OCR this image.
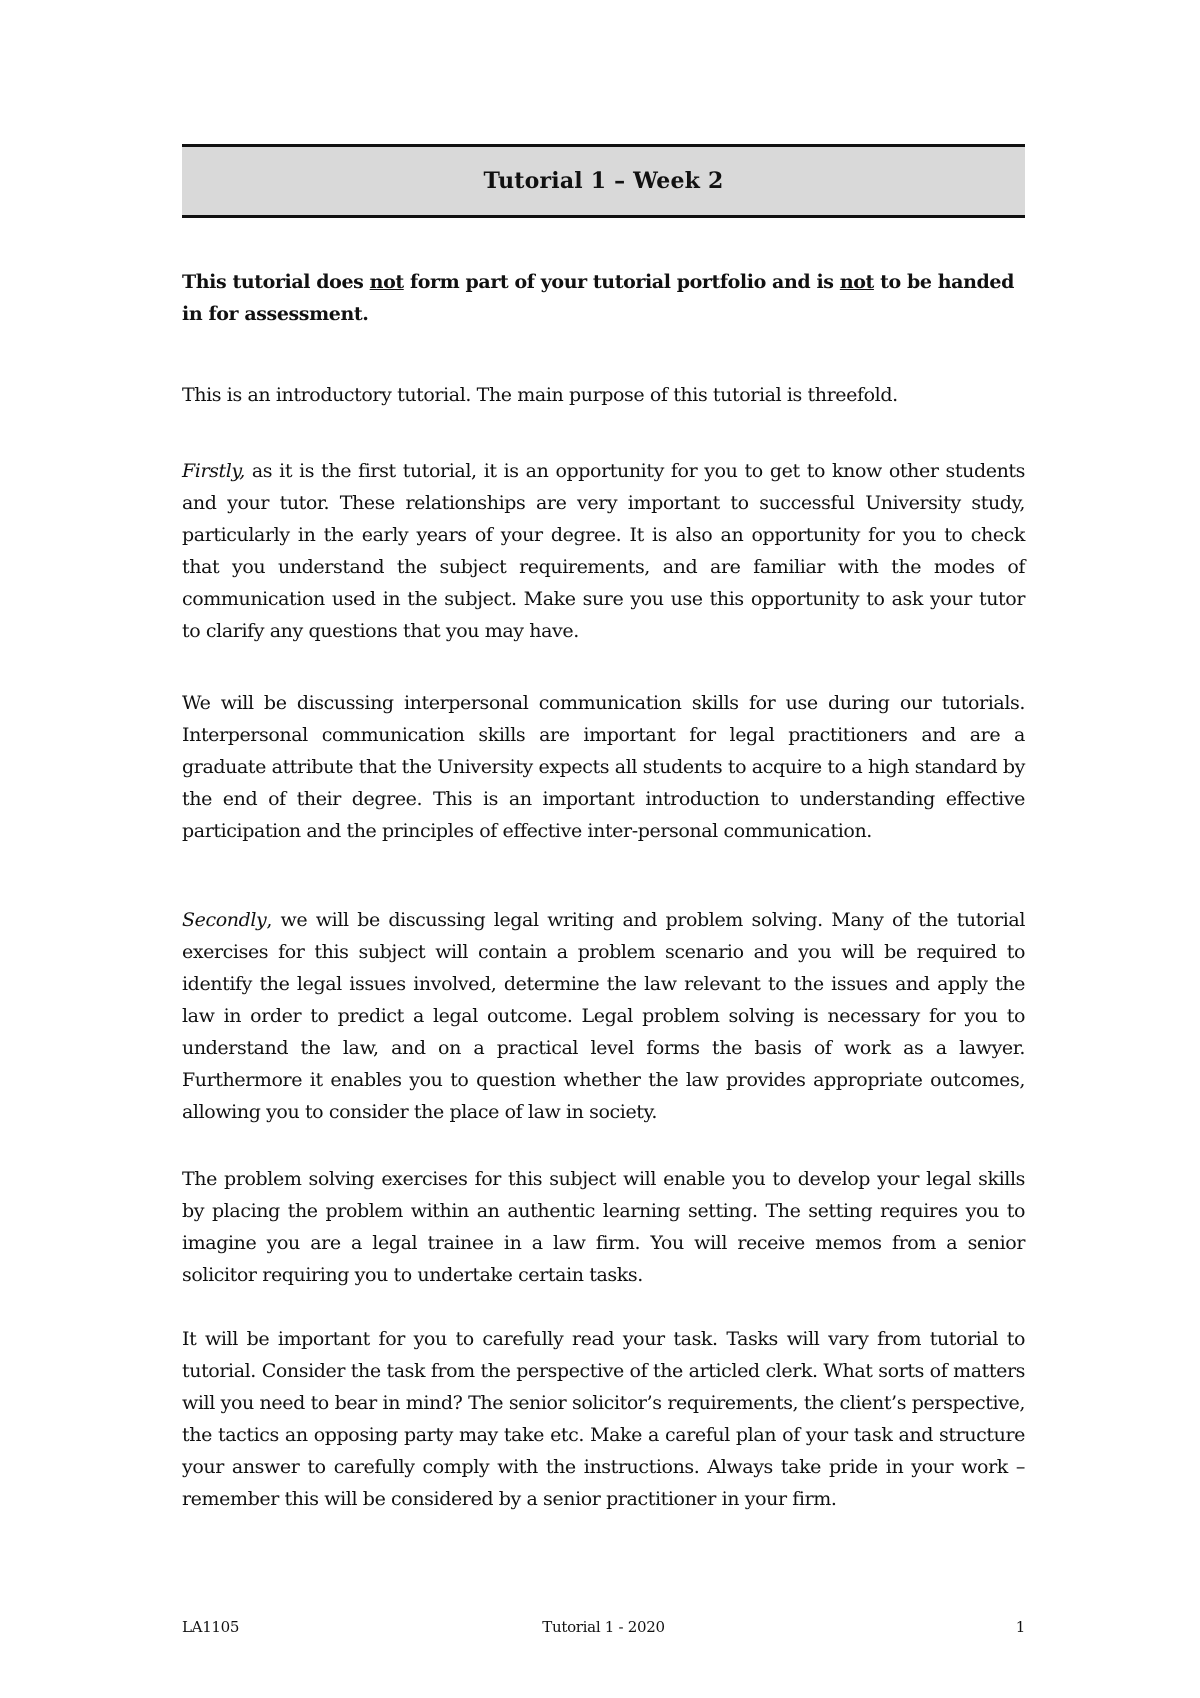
Tutorial 1 – Week 2

This tutorial does not form part of your tutorial portfolio and is not to be handed in for assessment.

This is an introductory tutorial. The main purpose of this tutorial is threefold.

Firstly, as it is the first tutorial, it is an opportunity for you to get to know other students and your tutor. These relationships are very important to successful University study, particularly in the early years of your degree. It is also an opportunity for you to check that you understand the subject requirements, and are familiar with the modes of communication used in the subject. Make sure you use this opportunity to ask your tutor to clarify any questions that you may have.

We will be discussing interpersonal communication skills for use during our tutorials. Interpersonal communication skills are important for legal practitioners and are a graduate attribute that the University expects all students to acquire to a high standard by the end of their degree. This is an important introduction to understanding effective participation and the principles of effective inter-personal communication.

Secondly, we will be discussing legal writing and problem solving. Many of the tutorial exercises for this subject will contain a problem scenario and you will be required to identify the legal issues involved, determine the law relevant to the issues and apply the law in order to predict a legal outcome. Legal problem solving is necessary for you to understand the law, and on a practical level forms the basis of work as a lawyer. Furthermore it enables you to question whether the law provides appropriate outcomes, allowing you to consider the place of law in society.

The problem solving exercises for this subject will enable you to develop your legal skills by placing the problem within an authentic learning setting. The setting requires you to imagine you are a legal trainee in a law firm. You will receive memos from a senior solicitor requiring you to undertake certain tasks.

It will be important for you to carefully read your task. Tasks will vary from tutorial to tutorial. Consider the task from the perspective of the articled clerk. What sorts of matters will you need to bear in mind? The senior solicitor’s requirements, the client’s perspective, the tactics an opposing party may take etc. Make a careful plan of your task and structure your answer to carefully comply with the instructions. Always take pride in your work – remember this will be considered by a senior practitioner in your firm.

LA1105	Tutorial 1 - 2020	1
